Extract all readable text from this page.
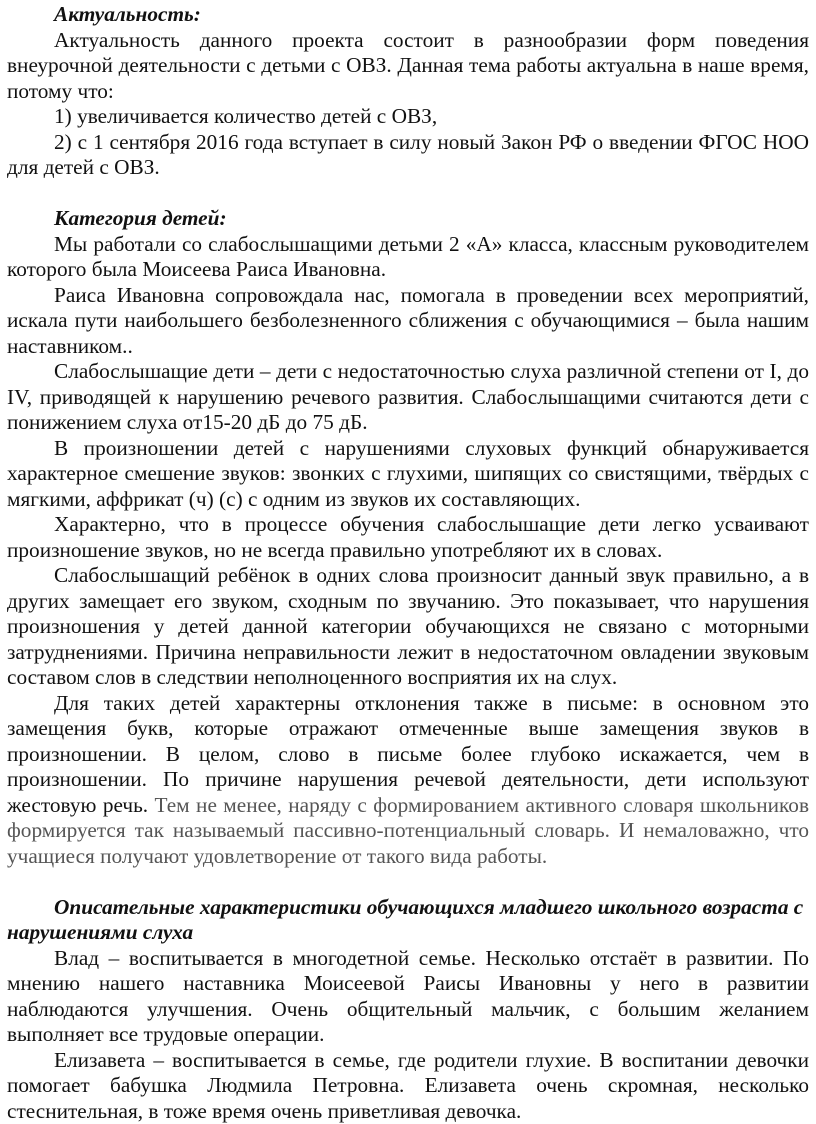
Актуальность:

Актуальность данного проекта состоит в разнообразии форм поведения внеурочной деятельности с детьми с ОВЗ. Данная тема работы актуальна в наше время, потому что:

1) увеличивается количество детей с ОВЗ,

2) с 1 сентября 2016 года вступает в силу новый Закон РФ о введении ФГОС НОО для детей с ОВЗ.

Категория детей:

Мы работали со слабослышащими детьми 2 «А» класса, классным руководителем которого была Моисеева Раиса Ивановна.

Раиса Ивановна сопровождала нас, помогала в проведении всех мероприятий, искала пути наибольшего безболезненного сближения с обучающимися – была нашим наставником..

Слабослышащие дети – дети с недостаточностью слуха различной степени от I, до IV, приводящей к нарушению речевого развития. Слабослышащими считаются дети с понижением слуха от15-20 дБ до 75 дБ.

В произношении детей с нарушениями слуховых функций обнаруживается характерное смешение звуков: звонких с глухими, шипящих со свистящими, твёрдых с мягкими, аффрикат (ч) (с) с одним из звуков их составляющих.

Характерно, что в процессе обучения слабослышащие дети легко усваивают произношение звуков, но не всегда правильно употребляют их в словах.

Слабослышащий ребёнок в одних слова произносит данный звук правильно, а в других замещает его звуком, сходным по звучанию. Это показывает, что нарушения произношения у детей данной категории обучающихся не связано с моторными затруднениями. Причина неправильности лежит в недостаточном овладении звуковым составом слов в следствии неполноценного восприятия их на слух.

Для таких детей характерны отклонения также в письме: в основном это замещения букв, которые отражают отмеченные выше замещения звуков в произношении. В целом, слово в письме более глубоко искажается, чем в произношении. По причине нарушения речевой деятельности, дети используют жестовую речь. Тем не менее, наряду с формированием активного словаря школьников формируется так называемый пассивно-потенциальный словарь. И немаловажно, что учащиеся получают удовлетворение от такого вида работы.

Описательные характеристики обучающихся младшего школьного возраста с нарушениями слуха

Влад – воспитывается в многодетной семье. Несколько отстаёт в развитии. По мнению нашего наставника Моисеевой Раисы Ивановны у него в развитии наблюдаются улучшения. Очень общительный мальчик, с большим желанием выполняет все трудовые операции.

Елизавета – воспитывается в семье, где родители глухие. В воспитании девочки помогает бабушка Людмила Петровна. Елизавета очень скромная, несколько стеснительная, в тоже время очень приветливая девочка.
